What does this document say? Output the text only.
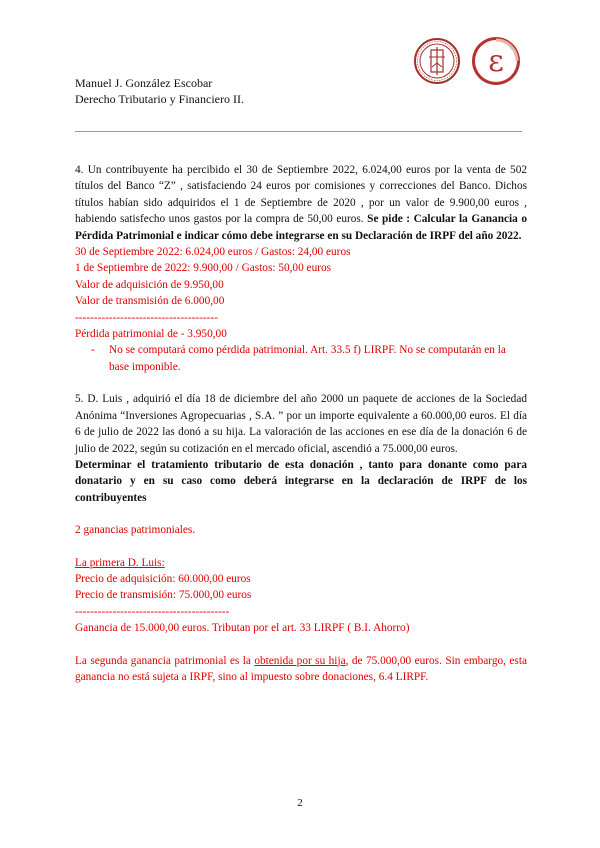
ε
Manuel J. González Escobar
Derecho Tributario y Financiero II.

4. Un contribuyente ha percibido el 30 de Septiembre 2022, 6.024,00 euros por la venta de 502 títulos del Banco “Z” , satisfaciendo 24 euros por comisiones y correcciones del Banco. Dichos títulos habían sido adquiridos el 1 de Septiembre de 2020 , por un valor de 9.900,00 euros , habiendo satisfecho unos gastos por la compra de 50,00 euros. Se pide : Calcular la Ganancia o Pérdida Patrimonial e indicar cómo debe integrarse en su Declaración de IRPF del año 2022.

30 de Septiembre 2022: 6.024,00 euros / Gastos: 24,00 euros

1 de Septiembre de 2022: 9.900,00 / Gastos: 50,00 euros

Valor de adquisición de 9.950,00

Valor de transmisión de 6.000,00

--------------------------------------

Pérdida patrimonial de - 3.950,00

-	No se computará como pérdida patrimonial. Art. 33.5 f) LIRPF. No se computarán en la base imponible.

5. D. Luis , adquirió el día 18 de diciembre del año 2000 un paquete de acciones de la Sociedad Anónima “Inversiones Agropecuarias , S.A. ” por un importe equivalente a 60.000,00 euros. El día 6 de julio de 2022 las donó a su hija. La valoración de las acciones en ese día de la donación 6 de julio de 2022, según su cotización en el mercado oficial, ascendió a 75.000,00 euros.

Determinar el tratamiento tributario de esta donación , tanto para donante como para donatario y en su caso como deberá integrarse en la declaración de IRPF de los contribuyentes

2 ganancias patrimoniales.

La primera D. Luis:

Precio de adquisición: 60.000,00 euros

Precio de transmisión: 75.000,00 euros

-----------------------------------------

Ganancia de 15.000,00 euros. Tributan por el art. 33 LIRPF ( B.I. Ahorro)

La segunda ganancia patrimonial es la obtenida por su hija, de 75.000,00 euros. Sin embargo, esta ganancia no está sujeta a IRPF, sino al impuesto sobre donaciones, 6.4 LIRPF.

2
